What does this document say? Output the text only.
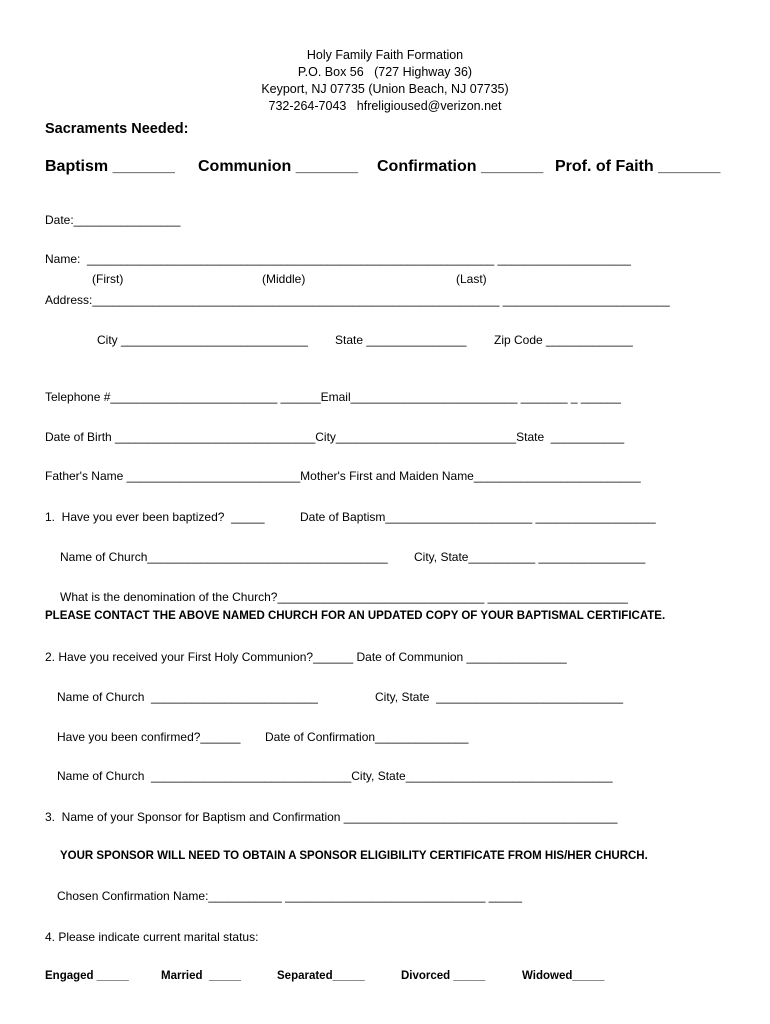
Holy Family Faith Formation
P.O. Box 56   (727 Highway 36)
Keyport, NJ 07735 (Union Beach, NJ 07735)
732-264-7043   hfreligioused@verizon.net
Sacraments Needed:
Baptism _______ Communion _______ Confirmation _______ Prof. of Faith _______
Date:________________
Name:  _____________________________________________________________ ____________________
(First)	(Middle)	(Last)
Address:_____________________________________________________________ _________________________
City ____________________________ State _______________ Zip Code _____________
Telephone #_________________________ ______Email_________________________ _______ _ ______
Date of Birth ______________________________City___________________________State  ___________
Father's Name __________________________Mother's First and Maiden Name_________________________
1.  Have you ever been baptized?  _____	Date of Baptism______________________ __________________
Name of Church____________________________________ City, State__________ ________________
What is the denomination of the Church?_______________________________ _____________________
PLEASE CONTACT THE ABOVE NAMED CHURCH FOR AN UPDATED COPY OF YOUR BAPTISMAL CERTIFICATE.
2. Have you received your First Holy Communion?______ Date of Communion _______________
Name of Church  _________________________	City, State  ____________________________
Have you been confirmed?______ Date of Confirmation______________
Name of Church  ______________________________City, State_______________________________
3.  Name of your Sponsor for Baptism and Confirmation _________________________________________
YOUR SPONSOR WILL NEED TO OBTAIN A SPONSOR ELIGIBILITY CERTIFICATE FROM HIS/HER CHURCH.
Chosen Confirmation Name:___________ ______________________________ _____
4. Please indicate current marital status:
Engaged _____	Married  _____	Separated_____	Divorced _____	Widowed_____
